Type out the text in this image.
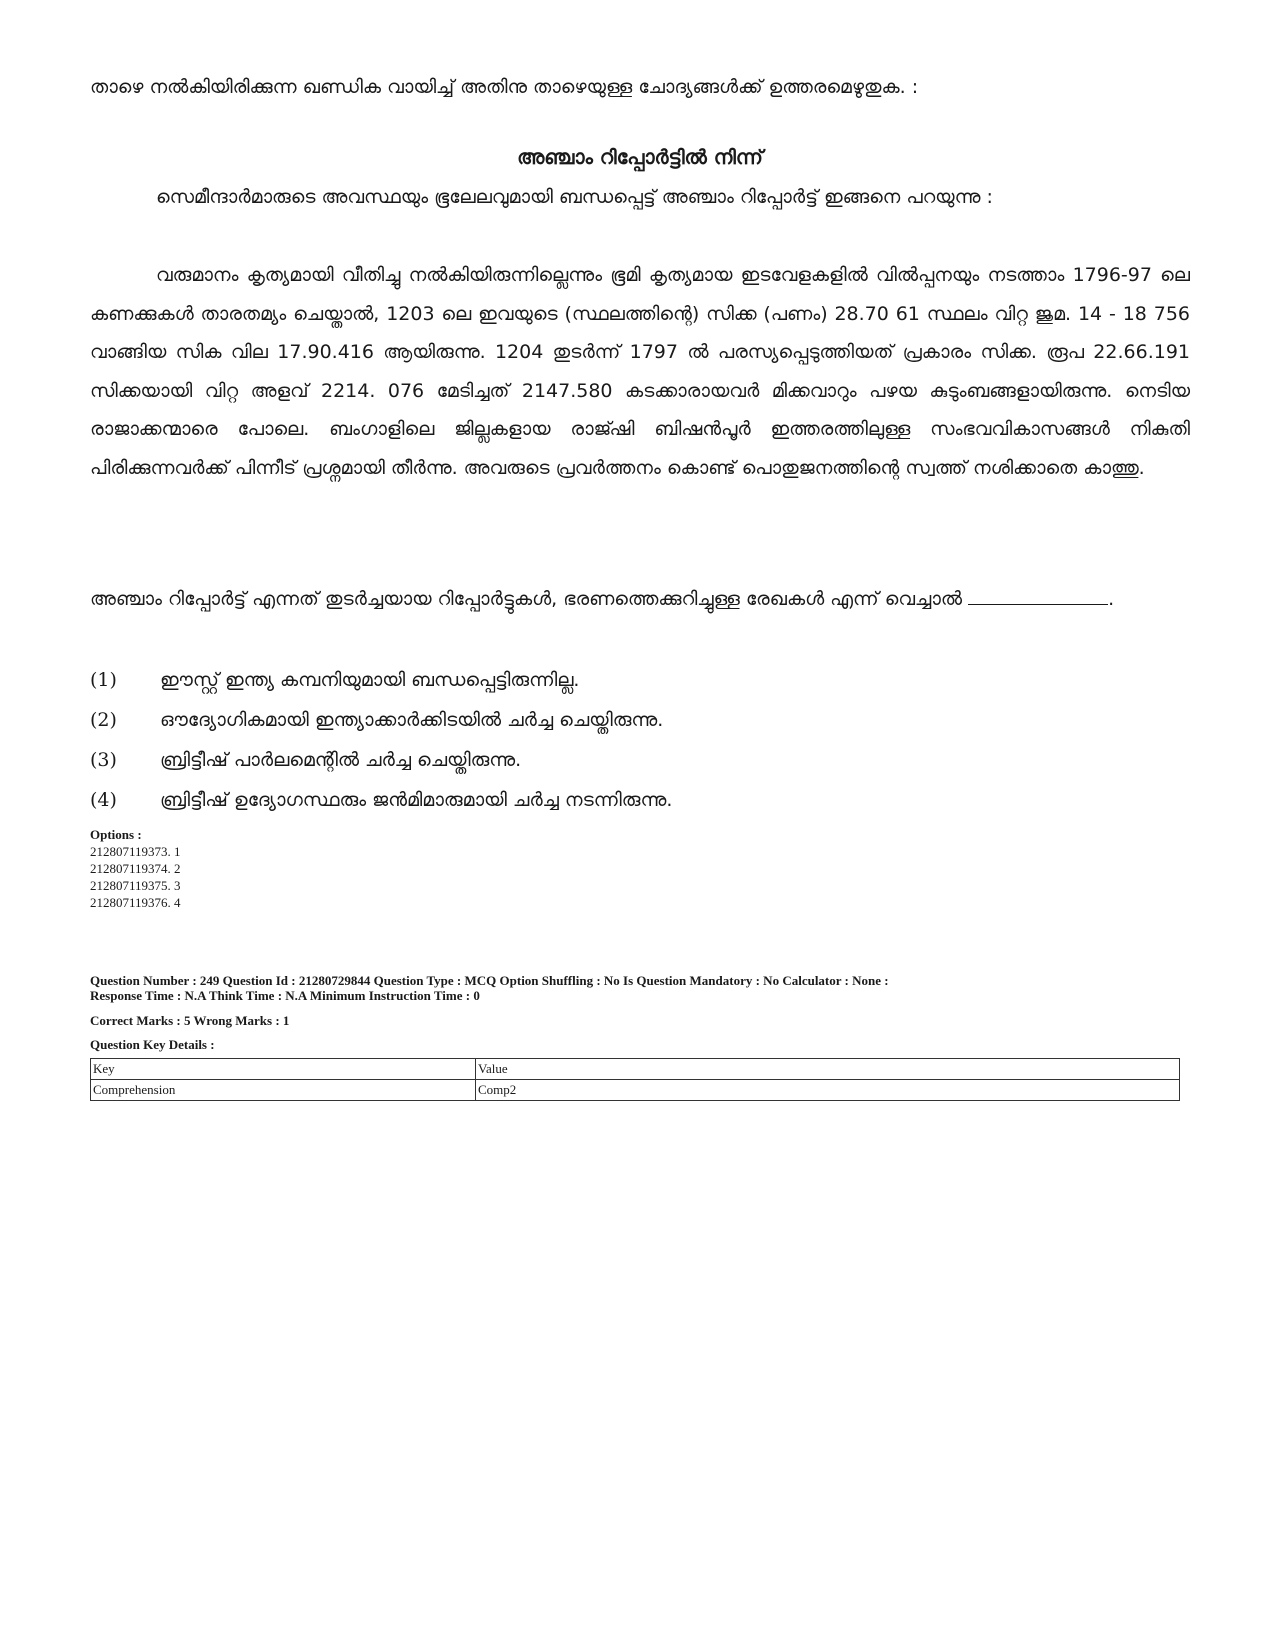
താഴെ നൽകിയിരിക്കുന്ന ഖണ്ഡിക വായിച്ച് അതിനു താഴെയുള്ള ചോദ്യങ്ങൾക്ക് ഉത്തരമെഴുതുക. :
അഞ്ചാം റിപ്പോർട്ടിൽ നിന്ന്
സെമീന്ദാർമാരുടെ അവസ്ഥയും ഭൂലേലവുമായി ബന്ധപ്പെട്ട് അഞ്ചാം റിപ്പോർട്ട് ഇങ്ങനെ പറയുന്നു :
വരുമാനം കൃത്യമായി വീതിച്ചു നൽകിയിരുന്നില്ലെന്നും ഭൂമി കൃത്യമായ ഇടവേളകളിൽ വിൽപ്പനയും നടത്താം 1796-97 ലെ കണക്കുകൾ താരതമ്യം ചെയ്താൽ, 1203 ലെ ഇവയുടെ (സ്ഥലത്തിന്റെ) സിക്ക (പണം) 28.70 61 സ്ഥലം വിറ്റ ജുമ. 14 - 18 756 വാങ്ങിയ സിക വില 17.90.416 ആയിരുന്നു. 1204 തുടർന്ന് 1797 ൽ പരസ്യപ്പെടുത്തിയത് പ്രകാരം സിക്ക. രൂപ 22.66.191 സിക്കയായി വിറ്റ അളവ് 2214. 076 മേടിച്ചത് 2147.580 കടക്കാരായവർ മിക്കവാറും പഴയ കുടുംബങ്ങളായിരുന്നു. നെടിയ രാജാക്കന്മാരെ പോലെ. ബംഗാളിലെ ജില്ലകളായ രാജ്ഷി ബിഷൻപൂർ ഇത്തരത്തിലുള്ള സംഭവവികാസങ്ങൾ നികുതി പിരിക്കുന്നവർക്ക് പിന്നീട് പ്രശ്നമായി തീർന്നു. അവരുടെ പ്രവർത്തനം കൊണ്ട് പൊതുജനത്തിന്റെ സ്വത്ത് നശിക്കാതെ കാത്തു.
അഞ്ചാം റിപ്പോർട്ട് എന്നത് തുടർച്ചയായ റിപ്പോർട്ടുകൾ, ഭരണത്തെക്കുറിച്ചുള്ള രേഖകൾ എന്ന് വെച്ചാൽ	.
(1) ഈസ്റ്റ് ഇന്ത്യ കമ്പനിയുമായി ബന്ധപ്പെട്ടിരുന്നില്ല.
(2) ഔദ്യോഗികമായി ഇന്ത്യാക്കാർക്കിടയിൽ ചർച്ച ചെയ്തിരുന്നു.
(3) ബ്രിട്ടീഷ് പാർലമെന്റിൽ ചർച്ച ചെയ്തിരുന്നു.
(4) ബ്രിട്ടീഷ് ഉദ്യോഗസ്ഥരും ജൻമിമാരുമായി ചർച്ച നടന്നിരുന്നു.
Options :
212807119373. 1
212807119374. 2
212807119375. 3
212807119376. 4
Question Number : 249 Question Id : 21280729844 Question Type : MCQ Option Shuffling : No Is Question Mandatory : No Calculator : None :
Response Time : N.A Think Time : N.A Minimum Instruction Time : 0
Correct Marks : 5 Wrong Marks : 1
Question Key Details :
Key	Value
Comprehension	Comp2
